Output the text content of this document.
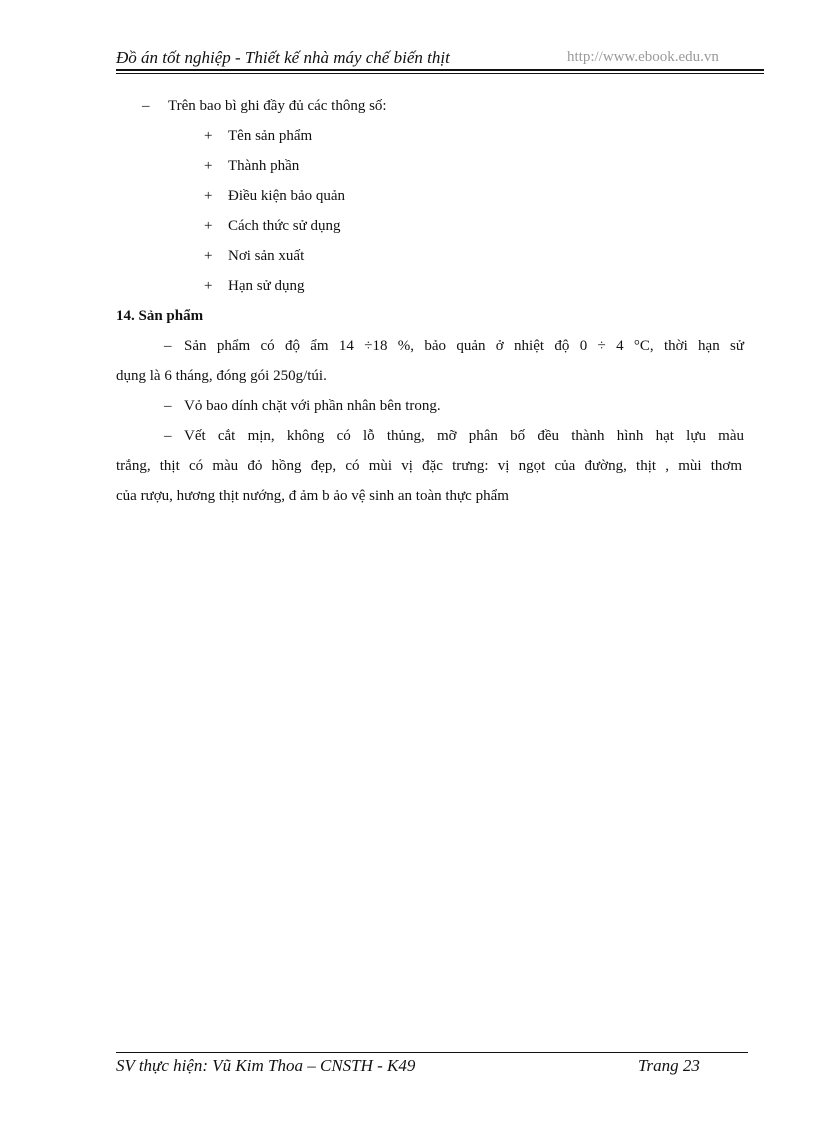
Đồ án tốt nghiệp - Thiết kế nhà máy chế biến thịt	http://www.ebook.edu.vn
– Trên bao bì ghi đầy đủ các thông số:
+ Tên sản phẩm
+ Thành phần
+ Điều kiện bảo quản
+ Cách thức sử dụng
+ Nơi sản xuất
+ Hạn sử dụng
14. Sản phẩm
– Sản phẩm có độ ẩm 14 ÷18 %, bảo quản ở nhiệt độ 0 ÷ 4 °C, thời hạn sử
dụng là 6 tháng, đóng gói 250g/túi.
– Vỏ bao dính chặt với phần nhân bên trong.
– Vết cắt mịn, không có lỗ thủng, mỡ phân bố đều thành hình hạt lựu màu
trắng, thịt có màu đỏ hồng đẹp, có mùi vị đặc trưng: vị ngọt của đường, thịt , mùi thơm
của rượu, hương thịt nướng, đ ảm b ảo vệ sinh an toàn thực phẩm
SV thực hiện: Vũ Kim Thoa – CNSTH - K49	Trang 23
